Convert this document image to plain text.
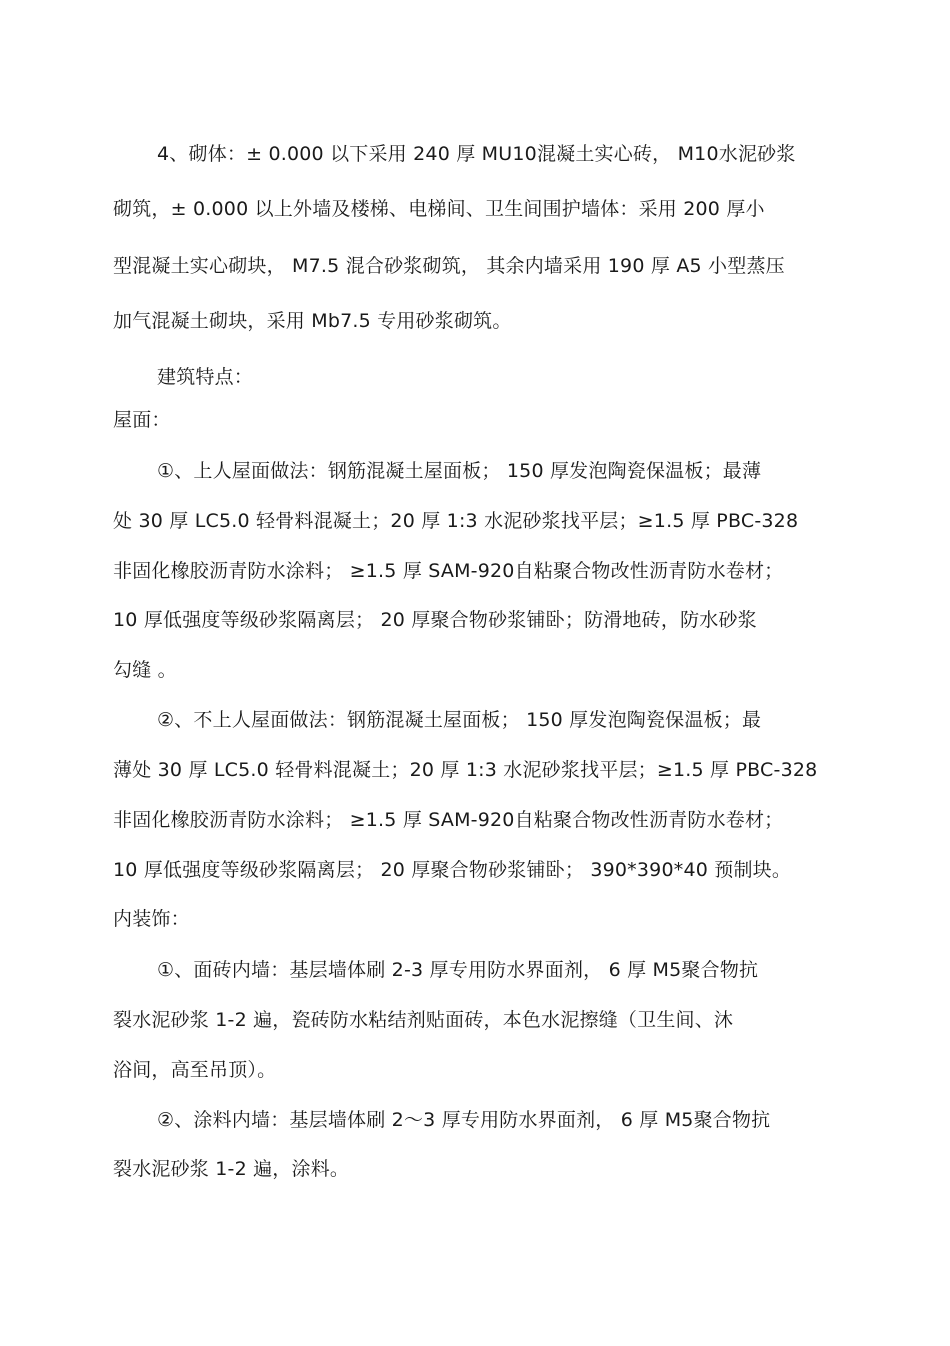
4、砌体：± 0.000 以下采用 240 厚 MU10混凝土实心砖， M10水泥砂浆
砌筑，± 0.000 以上外墙及楼梯、电梯间、卫生间围护墙体：采用 200 厚小
型混凝土实心砌块， M7.5 混合砂浆砌筑， 其余内墙采用 190 厚 A5 小型蒸压
加气混凝土砌块，采用 Mb7.5 专用砂浆砌筑。
建筑特点：
屋面：
①、上人屋面做法：钢筋混凝土屋面板； 150 厚发泡陶瓷保温板；最薄
处 30 厚 LC5.0 轻骨料混凝土；20 厚 1:3 水泥砂浆找平层；≥1.5 厚 PBC-328
非固化橡胶沥青防水涂料； ≥1.5 厚 SAM-920自粘聚合物改性沥青防水卷材；
10 厚低强度等级砂浆隔离层； 20 厚聚合物砂浆铺卧；防滑地砖，防水砂浆
勾缝 。
②、不上人屋面做法：钢筋混凝土屋面板； 150 厚发泡陶瓷保温板；最
薄处 30 厚 LC5.0 轻骨料混凝土；20 厚 1:3 水泥砂浆找平层；≥1.5 厚 PBC-328
非固化橡胶沥青防水涂料； ≥1.5 厚 SAM-920自粘聚合物改性沥青防水卷材；
10 厚低强度等级砂浆隔离层； 20 厚聚合物砂浆铺卧； 390*390*40 预制块。
内装饰：
①、面砖内墙：基层墙体刷 2-3 厚专用防水界面剂， 6 厚 M5聚合物抗
裂水泥砂浆 1-2 遍，瓷砖防水粘结剂贴面砖，本色水泥擦缝（卫生间、沐
浴间，高至吊顶）。
②、涂料内墙：基层墙体刷 2～3 厚专用防水界面剂， 6 厚 M5聚合物抗
裂水泥砂浆 1-2 遍，涂料。
